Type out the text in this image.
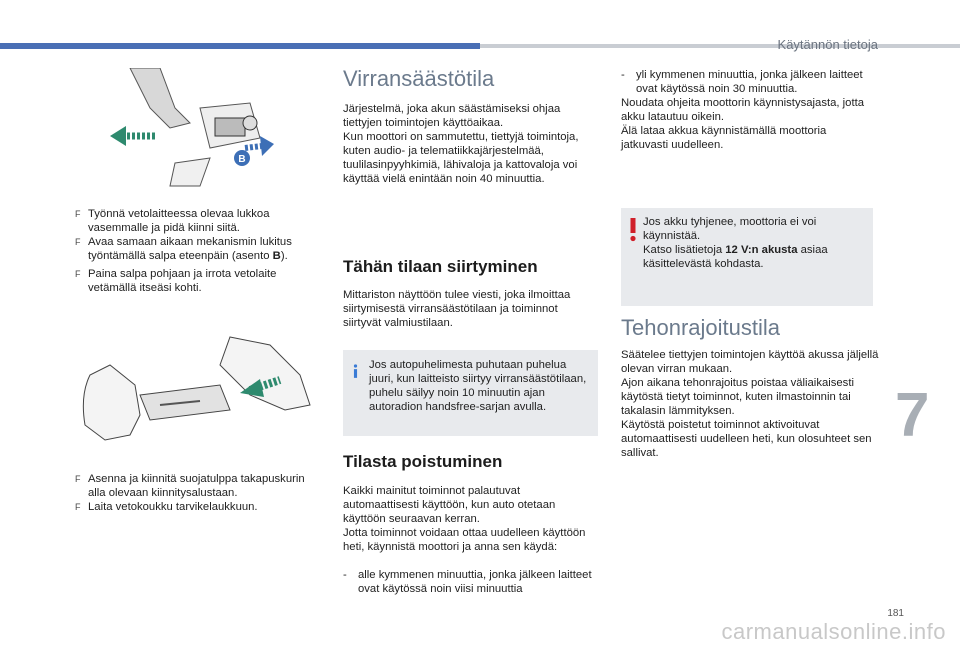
Käytännön tietoja
B
F Työnnä vetolaitteessa olevaa lukkoa vasemmalle ja pidä kiinni siitä.
F Avaa samaan aikaan mekanismin lukitus työntämällä salpa eteenpäin (asento B).
F Paina salpa pohjaan ja irrota vetolaite vetämällä itseäsi kohti.
F Asenna ja kiinnitä suojatulppa takapuskurin alla olevaan kiinnitysalustaan.
F Laita vetokoukku tarvikelaukkuun.
Virransäästötila
Järjestelmä, joka akun säästämiseksi ohjaa tiettyjen toimintojen käyttöaikaa.
Kun moottori on sammutettu, tiettyjä toimintoja, kuten audio- ja telematiikkajärjestelmää, tuulilasinpyyhkimiä, lähivaloja ja kattovaloja voi käyttää vielä enintään noin 40 minuuttia.
Tähän tilaan siirtyminen
Mittariston näyttöön tulee viesti, joka ilmoittaa siirtymisestä virransäästötilaan ja toiminnot siirtyvät valmiustilaan.
Jos autopuhelimesta puhutaan puhelua juuri, kun laitteisto siirtyy virransäästötilaan, puhelu säilyy noin 10 minuutin ajan autoradion handsfree-sarjan avulla.
Tilasta poistuminen
Kaikki mainitut toiminnot palautuvat automaattisesti käyttöön, kun auto otetaan käyttöön seuraavan kerran.
Jotta toiminnot voidaan ottaa uudelleen käyttöön heti, käynnistä moottori ja anna sen käydä:
- alle kymmenen minuuttia, jonka jälkeen laitteet ovat käytössä noin viisi minuuttia
- yli kymmenen minuuttia, jonka jälkeen laitteet ovat käytössä noin 30 minuuttia.
Noudata ohjeita moottorin käynnistysajasta, jotta akku latautuu oikein.
Älä lataa akkua käynnistämällä moottoria jatkuvasti uudelleen.
Jos akku tyhjenee, moottoria ei voi käynnistää.
Katso lisätietoja 12 V:n akusta asiaa käsittelevästä kohdasta.
Tehonrajoitustila
Säätelee tiettyjen toimintojen käyttöä akussa jäljellä olevan virran mukaan.
Ajon aikana tehonrajoitus poistaa väliaikaisesti käytöstä tietyt toiminnot, kuten ilmastoinnin tai takalasin lämmityksen.
Käytöstä poistetut toiminnot aktivoituvat automaattisesti uudelleen heti, kun olosuhteet sen sallivat.
7
181
carmanualsonline.info
